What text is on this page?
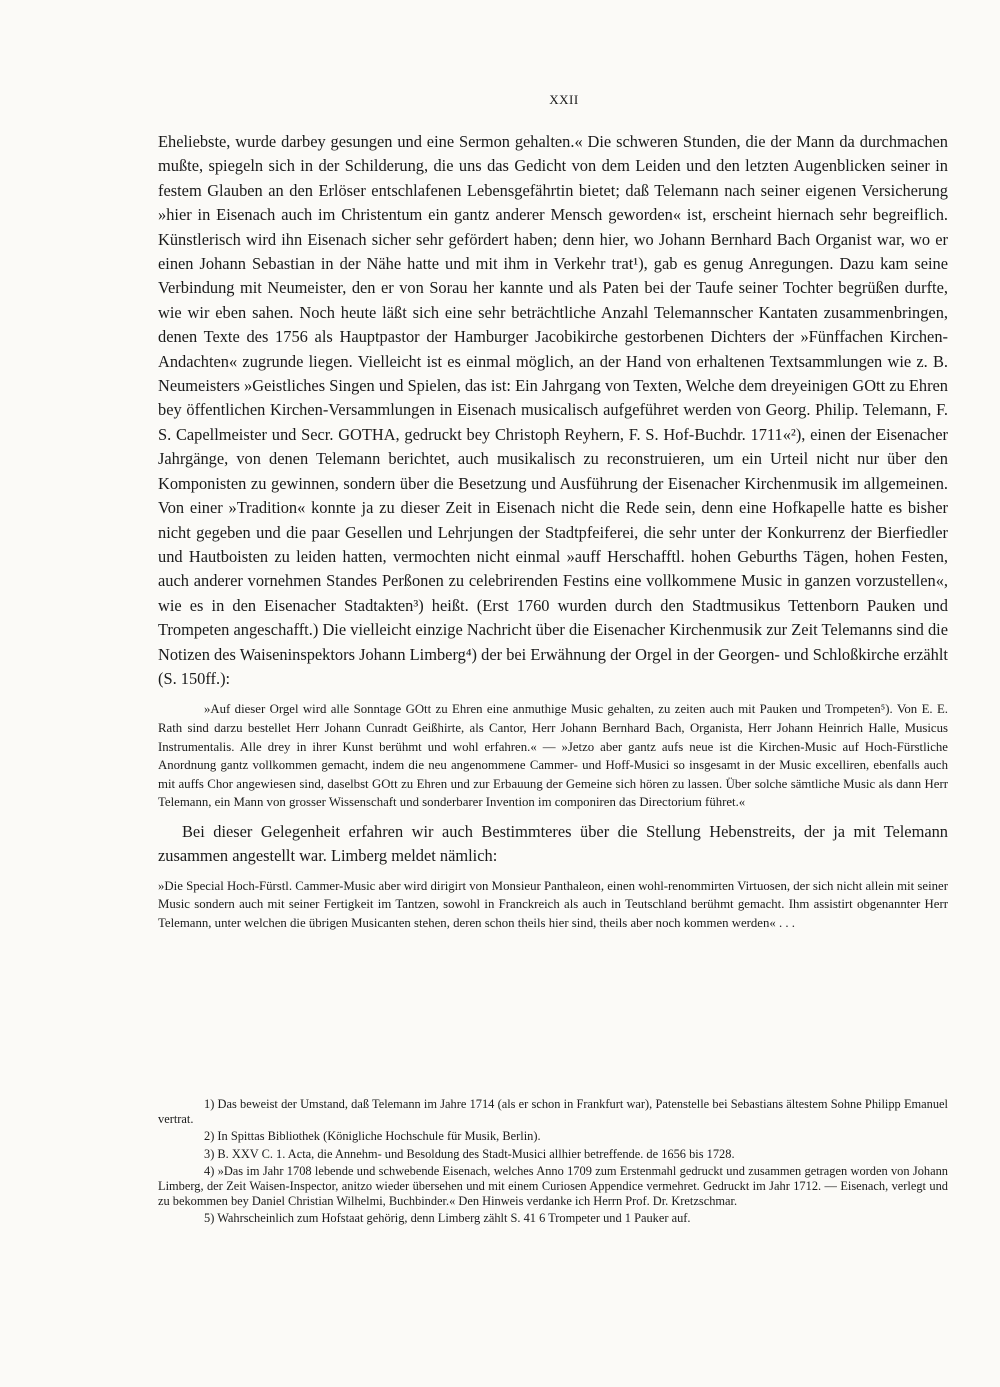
XXII

Eheliebste, wurde darbey gesungen und eine Sermon gehalten.« Die schweren Stunden, die der Mann da durchmachen mußte, spiegeln sich in der Schilderung, die uns das Gedicht von dem Leiden und den letzten Augenblicken seiner in festem Glauben an den Erlöser entschlafenen Lebensgefährtin bietet; daß Telemann nach seiner eigenen Versicherung »hier in Eisenach auch im Christentum ein gantz anderer Mensch geworden« ist, erscheint hiernach sehr begreiflich. Künstlerisch wird ihn Eisenach sicher sehr gefördert haben; denn hier, wo Johann Bernhard Bach Organist war, wo er einen Johann Sebastian in der Nähe hatte und mit ihm in Verkehr trat¹), gab es genug Anregungen. Dazu kam seine Verbindung mit Neumeister, den er von Sorau her kannte und als Paten bei der Taufe seiner Tochter begrüßen durfte, wie wir eben sahen. Noch heute läßt sich eine sehr beträchtliche Anzahl Telemannscher Kantaten zusammenbringen, denen Texte des 1756 als Hauptpastor der Hamburger Jacobikirche gestorbenen Dichters der »Fünffachen Kirchen-Andachten« zugrunde liegen. Vielleicht ist es einmal möglich, an der Hand von erhaltenen Textsammlungen wie z. B. Neumeisters »Geistliches Singen und Spielen, das ist: Ein Jahrgang von Texten, Welche dem dreyeinigen GOtt zu Ehren bey öffentlichen Kirchen-Versammlungen in Eisenach musicalisch aufgeführet werden von Georg. Philip. Telemann, F. S. Capellmeister und Secr. GOTHA, gedruckt bey Christoph Reyhern, F. S. Hof-Buchdr. 1711«²), einen der Eisenacher Jahrgänge, von denen Telemann berichtet, auch musikalisch zu reconstruieren, um ein Urteil nicht nur über den Komponisten zu gewinnen, sondern über die Besetzung und Ausführung der Eisenacher Kirchenmusik im allgemeinen. Von einer »Tradition« konnte ja zu dieser Zeit in Eisenach nicht die Rede sein, denn eine Hofkapelle hatte es bisher nicht gegeben und die paar Gesellen und Lehrjungen der Stadtpfeiferei, die sehr unter der Konkurrenz der Bierfiedler und Hautboisten zu leiden hatten, vermochten nicht einmal »auff Herschafftl. hohen Geburths Tägen, hohen Festen, auch anderer vornehmen Standes Perßonen zu celebrirenden Festins eine vollkommene Music in ganzen vorzustellen«, wie es in den Eisenacher Stadtakten³) heißt. (Erst 1760 wurden durch den Stadtmusikus Tettenborn Pauken und Trompeten angeschafft.) Die vielleicht einzige Nachricht über die Eisenacher Kirchenmusik zur Zeit Telemanns sind die Notizen des Waiseninspektors Johann Limberg⁴) der bei Erwähnung der Orgel in der Georgen- und Schloßkirche erzählt (S. 150ff.):

»Auf dieser Orgel wird alle Sonntage GOtt zu Ehren eine anmuthige Music gehalten, zu zeiten auch mit Pauken und Trompeten⁵). Von E. E. Rath sind darzu bestellet Herr Johann Cunradt Geißhirte, als Cantor, Herr Johann Bernhard Bach, Organista, Herr Johann Heinrich Halle, Musicus Instrumentalis. Alle drey in ihrer Kunst berühmt und wohl erfahren.« — »Jetzo aber gantz aufs neue ist die Kirchen-Music auf Hoch-Fürstliche Anordnung gantz vollkommen gemacht, indem die neu angenommene Cammer- und Hoff-Musici so insgesamt in der Music excelliren, ebenfalls auch mit auffs Chor angewiesen sind, daselbst GOtt zu Ehren und zur Erbauung der Gemeine sich hören zu lassen. Über solche sämtliche Music als dann Herr Telemann, ein Mann von grosser Wissenschaft und sonderbarer Invention im componiren das Directorium führet.«

Bei dieser Gelegenheit erfahren wir auch Bestimmteres über die Stellung Hebenstreits, der ja mit Telemann zusammen angestellt war. Limberg meldet nämlich:

»Die Special Hoch-Fürstl. Cammer-Music aber wird dirigirt von Monsieur Panthaleon, einen wohl-renommirten Virtuosen, der sich nicht allein mit seiner Music sondern auch mit seiner Fertigkeit im Tantzen, sowohl in Franckreich als auch in Teutschland berühmt gemacht. Ihm assistirt obgenannter Herr Telemann, unter welchen die übrigen Musicanten stehen, deren schon theils hier sind, theils aber noch kommen werden« . . .

1) Das beweist der Umstand, daß Telemann im Jahre 1714 (als er schon in Frankfurt war), Patenstelle bei Sebastians ältestem Sohne Philipp Emanuel vertrat.

2) In Spittas Bibliothek (Königliche Hochschule für Musik, Berlin).

3) B. XXV C. 1. Acta, die Annehm- und Besoldung des Stadt-Musici allhier betreffende. de 1656 bis 1728.

4) »Das im Jahr 1708 lebende und schwebende Eisenach, welches Anno 1709 zum Erstenmahl gedruckt und zusammen getragen worden von Johann Limberg, der Zeit Waisen-Inspector, anitzo wieder übersehen und mit einem Curiosen Appendice vermehret. Gedruckt im Jahr 1712. — Eisenach, verlegt und zu bekommen bey Daniel Christian Wilhelmi, Buchbinder.« Den Hinweis verdanke ich Herrn Prof. Dr. Kretzschmar.

5) Wahrscheinlich zum Hofstaat gehörig, denn Limberg zählt S. 41 6 Trompeter und 1 Pauker auf.
